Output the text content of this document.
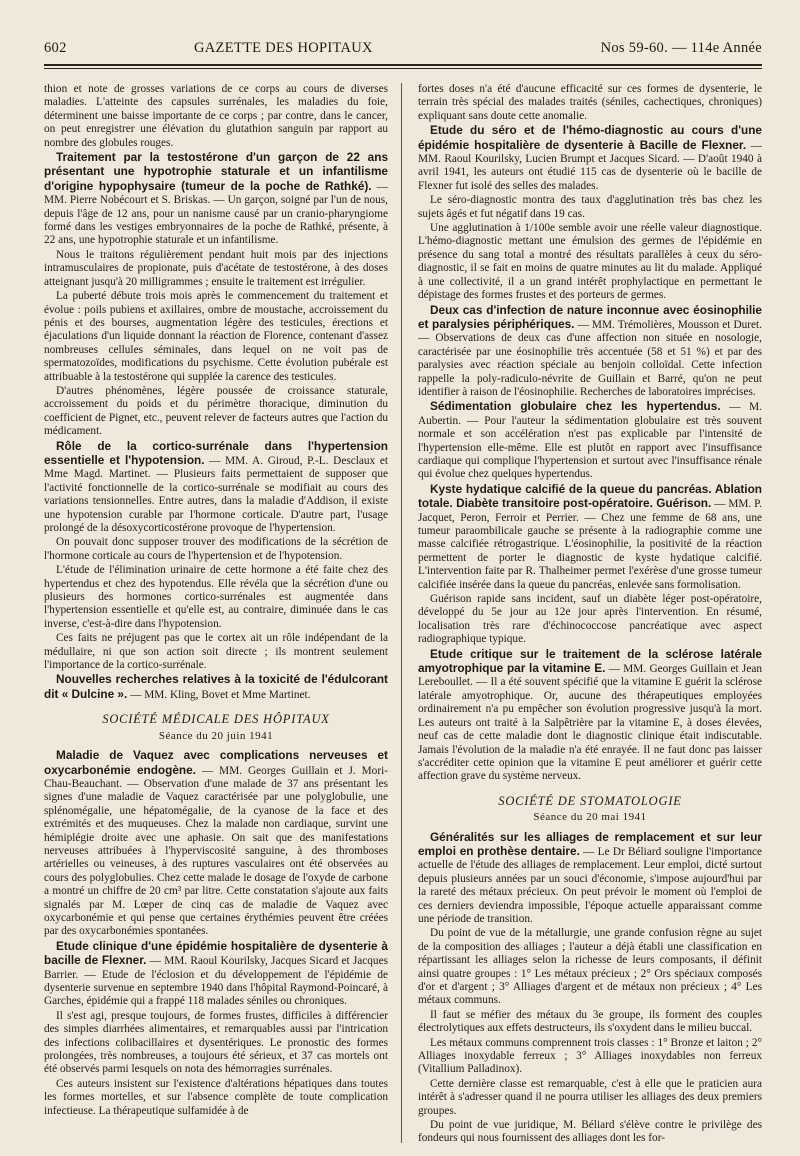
602	GAZETTE DES HOPITAUX	Nos 59-60. — 114e Année

thion et note de grosses variations de ce corps au cours de diverses maladies. L'atteinte des capsules surrénales, les maladies du foie, déterminent une baisse importante de ce corps ; par contre, dans le cancer, on peut enregistrer une élévation du glutathion sanguin par rapport au nombre des globules rouges.

Traitement par la testostérone d'un garçon de 22 ans présentant une hypotrophie staturale et un infantilisme d'origine hypophysaire (tumeur de la poche de Rathké). — MM. Pierre Nobécourt et S. Briskas. — Un garçon, soigné par l'un de nous, depuis l'âge de 12 ans, pour un nanisme causé par un cranio-pharyngiome formé dans les vestiges embryonnaires de la poche de Rathké, présente, à 22 ans, une hypotrophie staturale et un infantilisme.

Nous le traitons régulièrement pendant huit mois par des injections intramusculaires de propionate, puis d'acétate de testostérone, à des doses atteignant jusqu'à 20 milligrammes ; ensuite le traitement est irrégulier.

La puberté débute trois mois après le commencement du traitement et évolue : poils pubiens et axillaires, ombre de moustache, accroissement du pénis et des bourses, augmentation légère des testicules, érections et éjaculations d'un liquide donnant la réaction de Florence, contenant d'assez nombreuses cellules séminales, dans lequel on ne voit pas de spermatozoïdes, modifications du psychisme. Cette évolution pubérale est attribuable à la testostérone qui supplée la carence des testicules.

D'autres phénomènes, légère poussée de croissance staturale, accroissement du poids et du périmètre thoracique, diminution du coefficient de Pignet, etc., peuvent relever de facteurs autres que l'action du médicament.

Rôle de la cortico-surrénale dans l'hypertension essentielle et l'hypotension. — MM. A. Giroud, P.-L. Desclaux et Mme Magd. Martinet. — Plusieurs faits permettaient de supposer que l'activité fonctionnelle de la cortico-surrénale se modifiait au cours des variations tensionnelles. Entre autres, dans la maladie d'Addison, il existe une hypotension curable par l'hormone corticale. D'autre part, l'usage prolongé de la désoxycorticostérone provoque de l'hypertension.

On pouvait donc supposer trouver des modifications de la sécrétion de l'hormone corticale au cours de l'hypertension et de l'hypotension.

L'étude de l'élimination urinaire de cette hormone a été faite chez des hypertendus et chez des hypotendus. Elle révéla que la sécrétion d'une ou plusieurs des hormones cortico-surrénales est augmentée dans l'hypertension essentielle et qu'elle est, au contraire, diminuée dans le cas inverse, c'est-à-dire dans l'hypotension.

Ces faits ne préjugent pas que le cortex ait un rôle indépendant de la médullaire, ni que son action soit directe ; ils montrent seulement l'importance de la cortico-surrénale.

Nouvelles recherches relatives à la toxicité de l'édulcorant dit « Dulcine ». — MM. Kling, Bovet et Mme Martinet.

SOCIÉTÉ MÉDICALE DES HÔPITAUX

Séance du 20 juin 1941

Maladie de Vaquez avec complications nerveuses et oxycarbonémie endogène. — MM. Georges Guillain et J. Mori-Chau-Beauchant. — Observation d'une malade de 37 ans présentant les signes d'une maladie de Vaquez caractérisée par une polyglobulie, une splénomégalie, une hépatomégalie, de la cyanose de la face et des extrémités et des muqueuses. Chez la malade non cardiaque, survint une hémiplégie droite avec une aphasie. On sait que des manifestations nerveuses attribuées à l'hyperviscosité sanguine, à des thromboses artérielles ou veineuses, à des ruptures vasculaires ont été observées au cours des polyglobulies. Chez cette malade le dosage de l'oxyde de carbone a montré un chiffre de 20 cm³ par litre. Cette constatation s'ajoute aux faits signalés par M. Lœper de cinq cas de maladie de Vaquez avec oxycarbonémie et qui pense que certaines érythémies peuvent être créées par des oxycarbonémies spontanées.

Etude clinique d'une épidémie hospitalière de dysenterie à bacille de Flexner. — MM. Raoul Kourilsky, Jacques Sicard et Jacques Barrier. — Etude de l'éclosion et du développement de l'épidémie de dysenterie survenue en septembre 1940 dans l'hôpital Raymond-Poincaré, à Garches, épidémie qui a frappé 118 malades séniles ou chroniques.

Il s'est agi, presque toujours, de formes frustes, difficiles à différencier des simples diarrhées alimentaires, et remarquables aussi par l'intrication des infections colibacillaires et dysentériques. Le pronostic des formes prolongées, très nombreuses, a toujours été sérieux, et 37 cas mortels ont été observés parmi lesquels on nota des hémorragies surrénales.

Ces auteurs insistent sur l'existence d'altérations hépatiques dans toutes les formes mortelles, et sur l'absence complète de toute complication infectieuse. La thérapeutique sulfamidée à de

fortes doses n'a été d'aucune efficacité sur ces formes de dysenterie, le terrain très spécial des malades traités (séniles, cachectiques, chroniques) expliquant sans doute cette anomalie.

Etude du séro et de l'hémo-diagnostic au cours d'une épidémie hospitalière de dysenterie à Bacille de Flexner. — MM. Raoul Kourilsky, Lucien Brumpt et Jacques Sicard. — D'août 1940 à avril 1941, les auteurs ont étudié 115 cas de dysenterie où le bacille de Flexner fut isolé des selles des malades.

Le séro-diagnostic montra des taux d'agglutination très bas chez les sujets âgés et fut négatif dans 19 cas.

Une agglutination à 1/100e semble avoir une réelle valeur diagnostique. L'hémo-diagnostic mettant une émulsion des germes de l'épidémie en présence du sang total a montré des résultats parallèles à ceux du séro-diagnostic, il se fait en moins de quatre minutes au lit du malade. Appliqué à une collectivité, il a un grand intérêt prophylactique en permettant le dépistage des formes frustes et des porteurs de germes.

Deux cas d'infection de nature inconnue avec éosinophilie et paralysies périphériques. — MM. Trémolières, Mousson et Duret. — Observations de deux cas d'une affection non située en nosologie, caractérisée par une éosinophilie très accentuée (58 et 51 %) et par des paralysies avec réaction spéciale au benjoin colloïdal. Cette infection rappelle la poly-radiculo-névrite de Guillain et Barré, qu'on ne peut identifier à raison de l'éosinophilie. Recherches de laboratoires imprécises.

Sédimentation globulaire chez les hypertendus. — M. Aubertin. — Pour l'auteur la sédimentation globulaire est très souvent normale et son accélération n'est pas explicable par l'intensité de l'hypertension elle-même. Elle est plutôt en rapport avec l'insuffisance cardiaque qui complique l'hypertension et surtout avec l'insuffisance rénale qui évolue chez quelques hypertendus.

Kyste hydatique calcifié de la queue du pancréas. Ablation totale. Diabète transitoire post-opératoire. Guérison. — MM. P. Jacquet, Peron, Ferroir et Perrier. — Chez une femme de 68 ans, une tumeur paraombilicale gauche se présente à la radiographie comme une masse calcifiée rétrogastrique. L'éosinophilie, la positivité de la réaction permettent de porter le diagnostic de kyste hydatique calcifié. L'intervention faite par R. Thalheimer permet l'exérèse d'une grosse tumeur calcifiée insérée dans la queue du pancréas, enlevée sans formolisation.

Guérison rapide sans incident, sauf un diabète léger post-opératoire, développé du 5e jour au 12e jour après l'intervention. En résumé, localisation très rare d'échinococcose pancréatique avec aspect radiographique typique.

Etude critique sur le traitement de la sclérose latérale amyotrophique par la vitamine E. — MM. Georges Guillain et Jean Lereboullet. — Il a été souvent spécifié que la vitamine E guérit la sclérose latérale amyotrophique. Or, aucune des thérapeutiques employées ordinairement n'a pu empêcher son évolution progressive jusqu'à la mort. Les auteurs ont traité à la Salpêtrière par la vitamine E, à doses élevées, neuf cas de cette maladie dont le diagnostic clinique était indiscutable. Jamais l'évolution de la maladie n'a été enrayée. Il ne faut donc pas laisser s'accréditer cette opinion que la vitamine E peut améliorer et guérir cette affection grave du système nerveux.

SOCIÉTÉ DE STOMATOLOGIE

Séance du 20 mai 1941

Généralités sur les alliages de remplacement et sur leur emploi en prothèse dentaire. — Le Dr Béliard souligne l'importance actuelle de l'étude des alliages de remplacement. Leur emploi, dicté surtout depuis plusieurs années par un souci d'économie, s'impose aujourd'hui par la rareté des métaux précieux. On peut prévoir le moment où l'emploi de ces derniers deviendra impossible, l'époque actuelle apparaissant comme une période de transition.

Du point de vue de la métallurgie, une grande confusion règne au sujet de la composition des alliages ; l'auteur a déjà établi une classification en répartissant les alliages selon la richesse de leurs composants, il définit ainsi quatre groupes : 1° Les métaux précieux ; 2° Ors spéciaux composés d'or et d'argent ; 3° Alliages d'argent et de métaux non précieux ; 4° Les métaux communs.

Il faut se méfier des métaux du 3e groupe, ils forment des couples électrolytiques aux effets destructeurs, ils s'oxydent dans le milieu buccal.

Les métaux communs comprennent trois classes : 1° Bronze et laiton ; 2° Alliages inoxydable ferreux ; 3° Alliages inoxydables non ferreux (Vitallium Palladinox).

Cette dernière classe est remarquable, c'est à elle que le praticien aura intérêt à s'adresser quand il ne pourra utiliser les alliages des deux premiers groupes.

Du point de vue juridique, M. Béliard s'élève contre le privilège des fondeurs qui nous fournissent des alliages dont les for-
